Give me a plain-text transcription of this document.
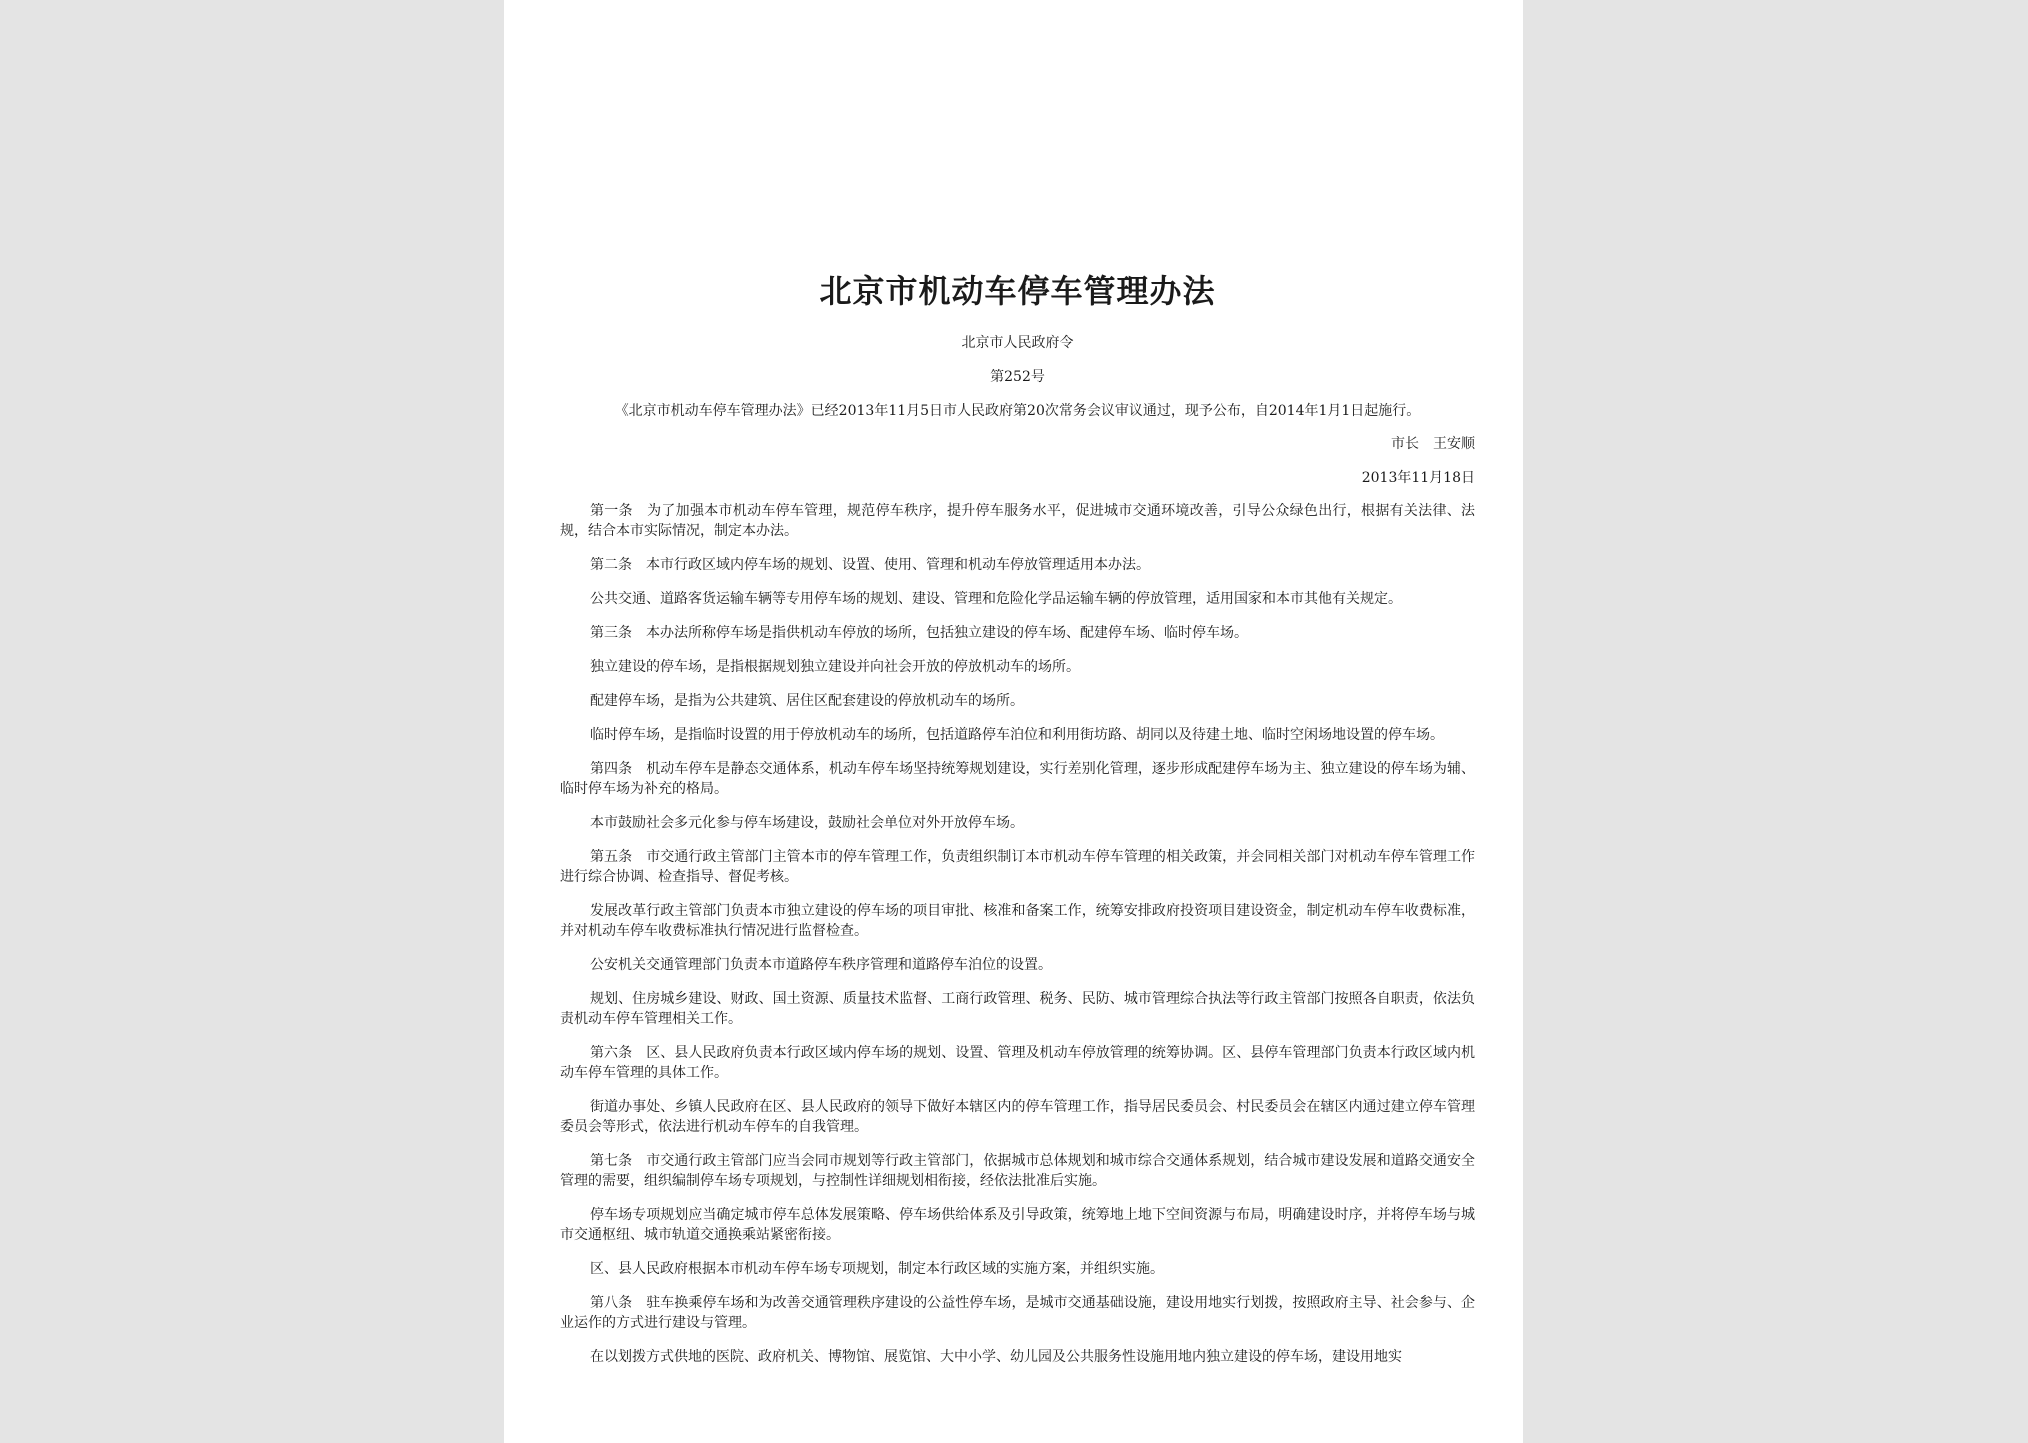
北京市机动车停车管理办法
北京市人民政府令
第252号
《北京市机动车停车管理办法》已经2013年11月5日市人民政府第20次常务会议审议通过，现予公布，自2014年1月1日起施行。
市长　王安顺
2013年11月18日

第一条　为了加强本市机动车停车管理，规范停车秩序，提升停车服务水平，促进城市交通环境改善，引导公众绿色出行，根据有关法律、法规，结合本市实际情况，制定本办法。

第二条　本市行政区域内停车场的规划、设置、使用、管理和机动车停放管理适用本办法。

公共交通、道路客货运输车辆等专用停车场的规划、建设、管理和危险化学品运输车辆的停放管理，适用国家和本市其他有关规定。

第三条　本办法所称停车场是指供机动车停放的场所，包括独立建设的停车场、配建停车场、临时停车场。

独立建设的停车场，是指根据规划独立建设并向社会开放的停放机动车的场所。

配建停车场，是指为公共建筑、居住区配套建设的停放机动车的场所。

临时停车场，是指临时设置的用于停放机动车的场所，包括道路停车泊位和利用街坊路、胡同以及待建土地、临时空闲场地设置的停车场。

第四条　机动车停车是静态交通体系，机动车停车场坚持统筹规划建设，实行差别化管理，逐步形成配建停车场为主、独立建设的停车场为辅、临时停车场为补充的格局。

本市鼓励社会多元化参与停车场建设，鼓励社会单位对外开放停车场。

第五条　市交通行政主管部门主管本市的停车管理工作，负责组织制订本市机动车停车管理的相关政策，并会同相关部门对机动车停车管理工作进行综合协调、检查指导、督促考核。

发展改革行政主管部门负责本市独立建设的停车场的项目审批、核准和备案工作，统筹安排政府投资项目建设资金，制定机动车停车收费标准，并对机动车停车收费标准执行情况进行监督检查。

公安机关交通管理部门负责本市道路停车秩序管理和道路停车泊位的设置。

规划、住房城乡建设、财政、国土资源、质量技术监督、工商行政管理、税务、民防、城市管理综合执法等行政主管部门按照各自职责，依法负责机动车停车管理相关工作。

第六条　区、县人民政府负责本行政区域内停车场的规划、设置、管理及机动车停放管理的统筹协调。区、县停车管理部门负责本行政区域内机动车停车管理的具体工作。

街道办事处、乡镇人民政府在区、县人民政府的领导下做好本辖区内的停车管理工作，指导居民委员会、村民委员会在辖区内通过建立停车管理委员会等形式，依法进行机动车停车的自我管理。

第七条　市交通行政主管部门应当会同市规划等行政主管部门，依据城市总体规划和城市综合交通体系规划，结合城市建设发展和道路交通安全管理的需要，组织编制停车场专项规划，与控制性详细规划相衔接，经依法批准后实施。

停车场专项规划应当确定城市停车总体发展策略、停车场供给体系及引导政策，统筹地上地下空间资源与布局，明确建设时序，并将停车场与城市交通枢纽、城市轨道交通换乘站紧密衔接。

区、县人民政府根据本市机动车停车场专项规划，制定本行政区域的实施方案，并组织实施。

第八条　驻车换乘停车场和为改善交通管理秩序建设的公益性停车场，是城市交通基础设施，建设用地实行划拨，按照政府主导、社会参与、企业运作的方式进行建设与管理。

在以划拨方式供地的医院、政府机关、博物馆、展览馆、大中小学、幼儿园及公共服务性设施用地内独立建设的停车场，建设用地实
